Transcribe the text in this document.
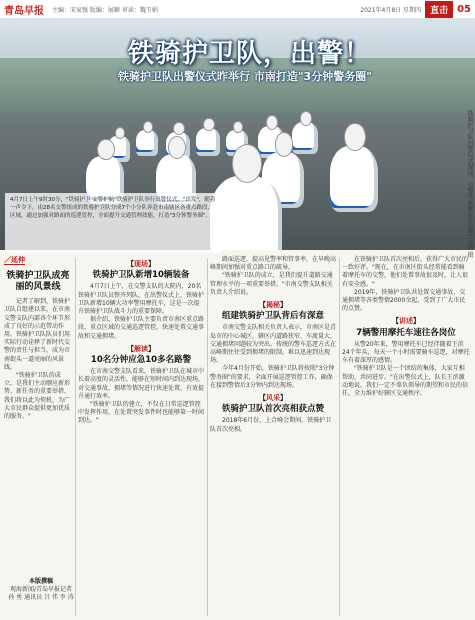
青岛早报 主编：宋家强 版编：展颖 审读：魏玉娟	2021年4月8日 星期四	直击 05
铁骑护卫队，出警！
铁骑护卫队出警仪式昨举行 市南打造"3分钟警务圈"
4月7日上午9时30分，"铁骑护卫 安警护航"铁骑护卫队举行出警仪式。"出发"，随着一声令下，由28名交警组成的铁骑护卫队分成7个小分队奔赴市南辖区各重点路段、区域，通过加强对路面的巡逻管控，全面提升交通管理效能，打造"3分钟警务圈"。	铁骑护卫队出警仪式现场，交警驾驶摩托车巡逻 王滨 摄
／延伸
铁骑护卫队成亮丽的风景线

记者了解到，铁骑护卫队自组建以来，在市南交警支队内部各个环节形成了良好的示范带动作用。铁骑护卫队队员们用实际行动诠释了新时代交警的责任与担当，成为市南街头一道亮丽的风景线。

"铁骑护卫队的成立，是我们主动顺应新形势、新任务的重要举措，我们将以此为契机，为广大市民群众提供更加优质的服务。"

本版撰稿
观海新闻/青岛早报记者 孙 勇 通讯员 吕 伟 李 涛
【现场】
铁骑护卫队新增10辆装备

4月7日上午，在交警支队的大院内，20名铁骑护卫队员整齐列队，在出警仪式上，铁骑护卫队新增10辆大功率警用摩托车，这是一次提升铁骑护卫队战斗力的重要保障。

据介绍，铁骑护卫队主要负责市南区重点路段、重点区域的交通巡逻管控，快速处置交通事故和交通拥堵。

【解读】
10名分钟应急10多名路警

在市南交警支队看来，铁骑护卫队在城市中长着高度的灵活性，能够在短时间内到达现场，对交通事故、拥堵等情况进行快速处置，有效提升通行效率。

"铁骑护卫队的建立，不仅在日常巡逻管控中发挥作用，在处置突发事件时也能够第一时间到达。"

路面巡逻，提高见警率和管事率，在早晚高峰期间加强对重点路口的疏导。

"铁骑护卫队的成立，是我们提升道路交通管理水平的一项重要举措。"市南交警支队相关负责人介绍说。

【揭秘】
组建铁骑护卫队背后有深意

市南交警支队相关负责人表示，市南区是青岛市的中心城区，辖区内道路狭窄、车流量大，交通拥堵问题较为突出。传统的警车巡逻方式在高峰期往往受到拥堵的限制，难以迅速到达现场。

今年4月份开始，铁骑护卫队将按照"3分钟警务圈"的要求，全面开展巡逻管控工作，确保在接到警情后3分钟内到达现场。

【风采】
铁骑护卫队首次亮相获点赞

2018年6月份，上合峰会期间，铁骑护卫队首次亮相。

在铁骑护卫队首次亮相后，获得广大市民的一致好评。"现在，在市南区街头经常能看到骑着摩托车的交警，他们处置事故很及时，让人很有安全感。"

2019年，铁骑护卫队共处置交通事故、交通拥堵等各类警情2000余起，受到了广大市民的点赞。

【讲述】
7辆警用摩托车速往各岗位

从警20年来，警用摩托车已经伴随着王滨24个年头，每天一个小时需要骑车巡逻，对摩托车有着深厚的感情。

"铁骑护卫队是一个团结的集体，大家互相帮助，共同进步。"在出警仪式上，队长王滨激动地说，我们一定不辜负领导的期望和市民的信任，全力维护好辖区交通秩序。
